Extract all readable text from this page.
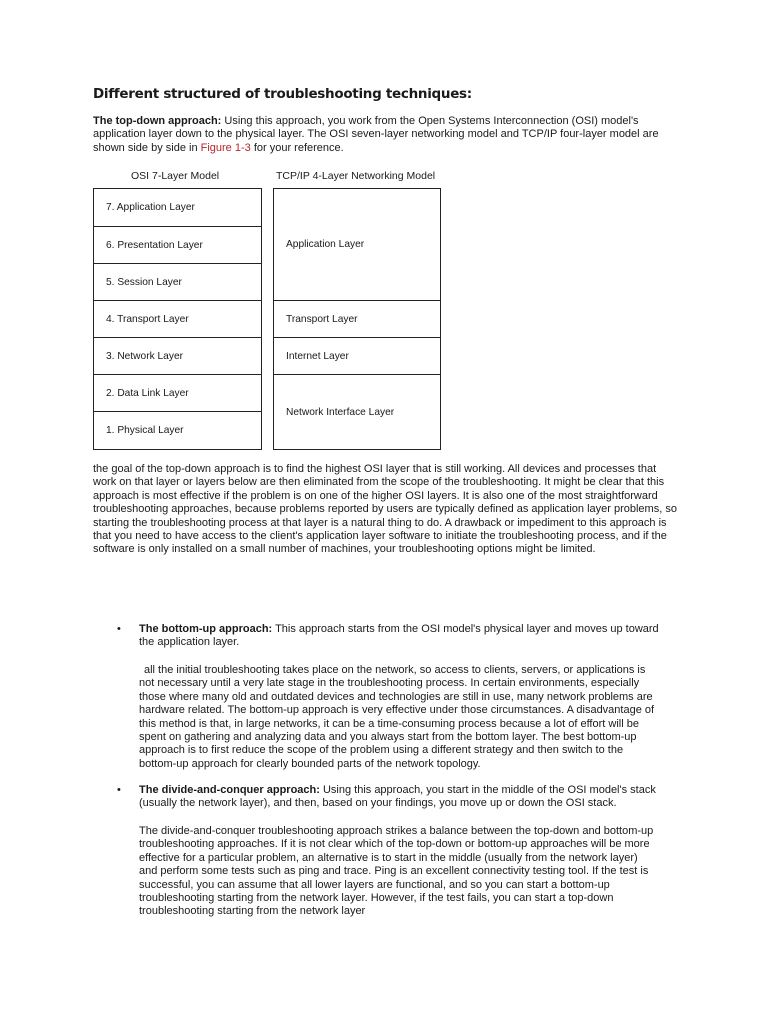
Different structured of troubleshooting techniques:
The top-down approach: Using this approach, you work from the Open Systems Interconnection (OSI) model's application layer down to the physical layer. The OSI seven-layer networking model and TCP/IP four-layer model are shown side by side in Figure 1-3 for your reference.
OSI 7-Layer Model	TCP/IP 4-Layer Networking Model
7. Application Layer
6. Presentation Layer
5. Session Layer
4. Transport Layer
3. Network Layer
2. Data Link Layer
1. Physical Layer
Application Layer
Transport Layer
Internet Layer
Network Interface Layer
the goal of the top-down approach is to find the highest OSI layer that is still working. All devices and processes that work on that layer or layers below are then eliminated from the scope of the troubleshooting. It might be clear that this approach is most effective if the problem is on one of the higher OSI layers. It is also one of the most straightforward troubleshooting approaches, because problems reported by users are typically defined as application layer problems, so starting the troubleshooting process at that layer is a natural thing to do. A drawback or impediment to this approach is that you need to have access to the client's application layer software to initiate the troubleshooting process, and if the software is only installed on a small number of machines, your troubleshooting options might be limited.
• The bottom-up approach: This approach starts from the OSI model's physical layer and moves up toward the application layer.
all the initial troubleshooting takes place on the network, so access to clients, servers, or applications is not necessary until a very late stage in the troubleshooting process. In certain environments, especially those where many old and outdated devices and technologies are still in use, many network problems are hardware related. The bottom-up approach is very effective under those circumstances. A disadvantage of this method is that, in large networks, it can be a time-consuming process because a lot of effort will be spent on gathering and analyzing data and you always start from the bottom layer. The best bottom-up approach is to first reduce the scope of the problem using a different strategy and then switch to the bottom-up approach for clearly bounded parts of the network topology.
• The divide-and-conquer approach: Using this approach, you start in the middle of the OSI model's stack (usually the network layer), and then, based on your findings, you move up or down the OSI stack.
The divide-and-conquer troubleshooting approach strikes a balance between the top-down and bottom-up troubleshooting approaches. If it is not clear which of the top-down or bottom-up approaches will be more effective for a particular problem, an alternative is to start in the middle (usually from the network layer) and perform some tests such as ping and trace. Ping is an excellent connectivity testing tool. If the test is successful, you can assume that all lower layers are functional, and so you can start a bottom-up troubleshooting starting from the network layer. However, if the test fails, you can start a top-down troubleshooting starting from the network layer
